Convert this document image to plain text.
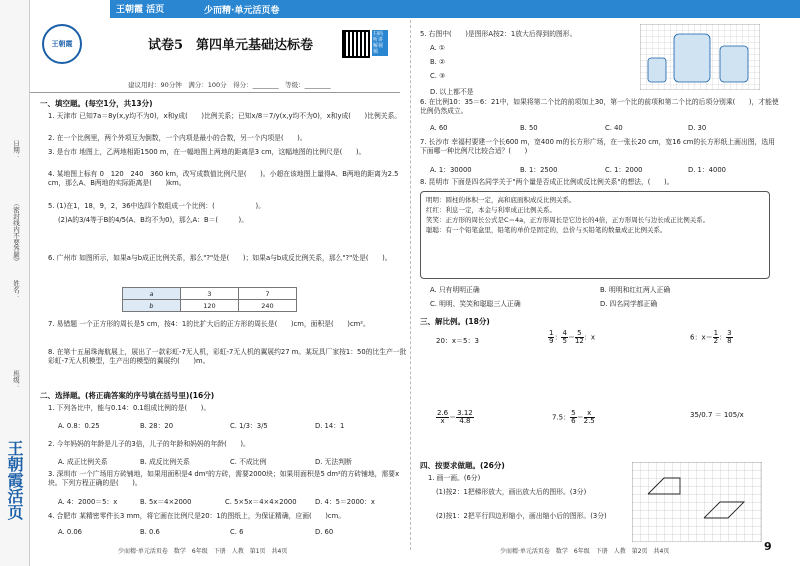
日期：
（密封线内不要答题）
姓名：
班级：
王朝霞活页
王朝霞 活页	少而精·单元活页卷
王朝霞	试卷5　第四单元基础达标卷
扫码听讲解视频
建议用时：90分钟　满分：100分　得分：________　等级：________
一、填空题。(每空1分，共13分)
1. 天津市 已知7a＝8y(x,y均不为0)，x和y成(　　)比例关系；已知x/8＝7/y(x,y均不为0)，x和y成(　　)比例关系。
2. 在一个比例里，两个外项互为倒数，一个内项是最小的合数，另一个内项是(　　)。
3. 是台市 地图上，乙两地相距1500 m，在一幅地图上两地的距离是3 cm，这幅地图的比例尺是(　　)。
4. 某地图上标有 0　120　240　360 km，改写成数值比例尺是(　　)。小超在该地图上量得A、B两地的距离为2.5 cm，那么A、B两地的实际距离是(　　)km。
5. (1)在1，18，9，2，36中选四个数组成一个比例：(　　　　　　)。
(2)A的3/4等于B的4/5(A、B均不为0)，那么A：B＝(　　　)。
6. 广州市 如图所示，如果a与b成正比例关系，那么"?"处是(　　)；如果a与b成反比例关系，那么"?"处是(　　)。
a	3	7
b	120	240
7. 易错题 一个正方形的周长是5 cm，按4：1的比扩大后的正方形的周长是(　　)cm，面积是(　　)cm²。
8. 在第十五届珠海航展上，展出了一款彩虹-7无人机，彩虹-7无人机的翼展约27 m。某玩具厂家按1：50的比生产一批彩虹-7无人机模型，生产出的模型的翼展约(　　)m。
二、选择题。(将正确答案的序号填在括号里)(16分)
1. 下列各比中，能与0.14：0.1组成比例的是(　　)。
A. 0.8：0.25	B. 28：20	C. 1/3：3/5	D. 14：1
2. 今年妈妈的年龄是儿子的3倍，儿子的年龄和妈妈的年龄(　　)。
A. 成正比例关系	B. 成反比例关系	C. 不成比例	D. 无法判断
3. 深圳市 一个广场用方砖铺地，如果用面积是4 dm²的方砖，需要2000块；如果用面积是5 dm²的方砖铺地，需要x块。下列方程正确的是(　　)。
A. 4：2000＝5：x	B. 5x＝4×2000	C. 5×5x＝4×4×2000	D. 4：5＝2000：x
4. 合肥市 某精密零件长3 mm，将它画在比例尺是20：1的图纸上，为保证精确，应画(　　)cm。
A. 0.06	B. 0.6	C. 6	D. 60
5. 右图中(　　)是图形A按2：1放大后得到的图形。
A. ①
B. ②
C. ③
D. 以上都不是
6. 在比例10：35＝6：21中，如果将第二个比的前项加上30，第一个比的前项和第二个比的后项分别乘(　　)，才能使比例仍然成立。
A. 60	B. 50	C. 40	D. 30
7. 长沙市 幸福村要建一个长600 m，宽400 m的长方形广场，在一张长20 cm，宽16 cm的长方形纸上画出图，选用下面哪一种比例尺比较合适？(　　)
A. 1：30000	B. 1：2500	C. 1：2000	D. 1：4000
8. 昆明市 下面是四名同学关于"两个量是否成正比例或反比例关系"的想法，(　　)。
明明：圆柱的体积一定，高和底面积成反比例关系。
红红：利息一定，本金与利率成正比例关系。
笑笑：正方形的周长公式是C＝4a，正方形周长是它边长的4倍，正方形周长与边长成正比例关系。
聪聪：有一个铅笔盒里，铅笔的单价是固定的，总价与买铅笔的数量成正比例关系。
A. 只有明明正确	B. 明明和红红两人正确
C. 明明、笑笑和聪聪三人正确	D. 四名同学都正确
三、解比例。(18分)
20：x＝5：3	$\frac{1}{9}$ ： $\frac{4}{5} = \frac{5}{12}$ ：x	6：$x= \frac{1}{2}$ ： $\frac{3}{8}$
$\frac{2.6}{x} = \frac{3.12}{4.8}$	7.5： $\frac{5}{6} = \frac{x}{2.5}$	35/0.7 ＝ 105/x
四、按要求做题。(26分)
1. 画一画。(6分)
(1)按2：1把梯形放大，画出放大后的图形。(3分)
(2)按1：2把平行四边形缩小，画出缩小后的图形。(3分)
少而精·单元活页卷　数学　6年级　下册　人教　第1页　共4页	少而精·单元活页卷　数学　6年级　下册　人教　第2页　共4页	9
